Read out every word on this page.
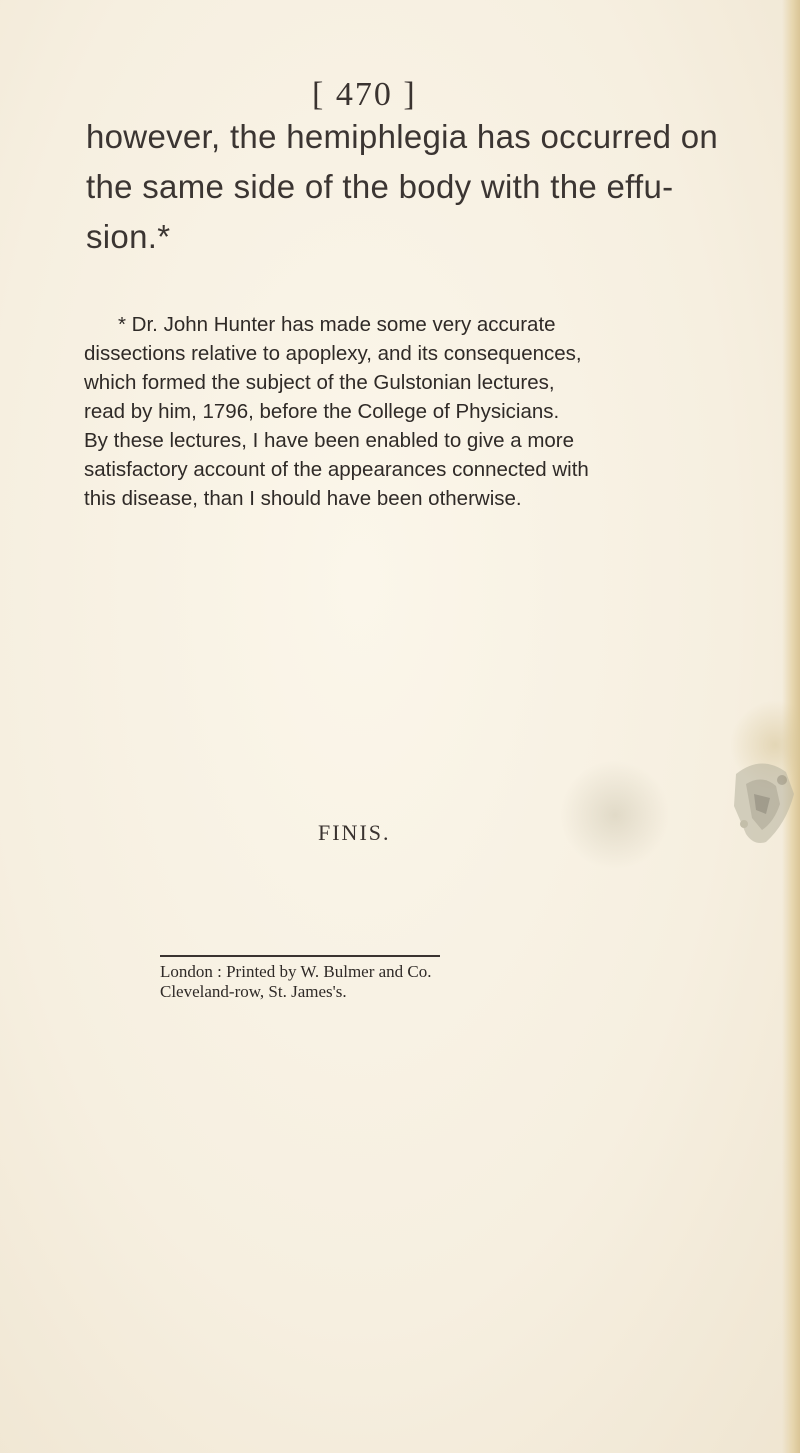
[ 470 ]
however, the hemiphlegia has occurred on
the same side of the body with the effu-
sion.*
* Dr. John Hunter has made some very accurate
dissections relative to apoplexy, and its consequences,
which formed the subject of the Gulstonian lectures,
read by him, 1796, before the College of Physicians.
By these lectures, I have been enabled to give a more
satisfactory account of the appearances connected with
this disease, than I should have been otherwise.
FINIS.
London : Printed by W. Bulmer and Co.
Cleveland-row, St. James's.
